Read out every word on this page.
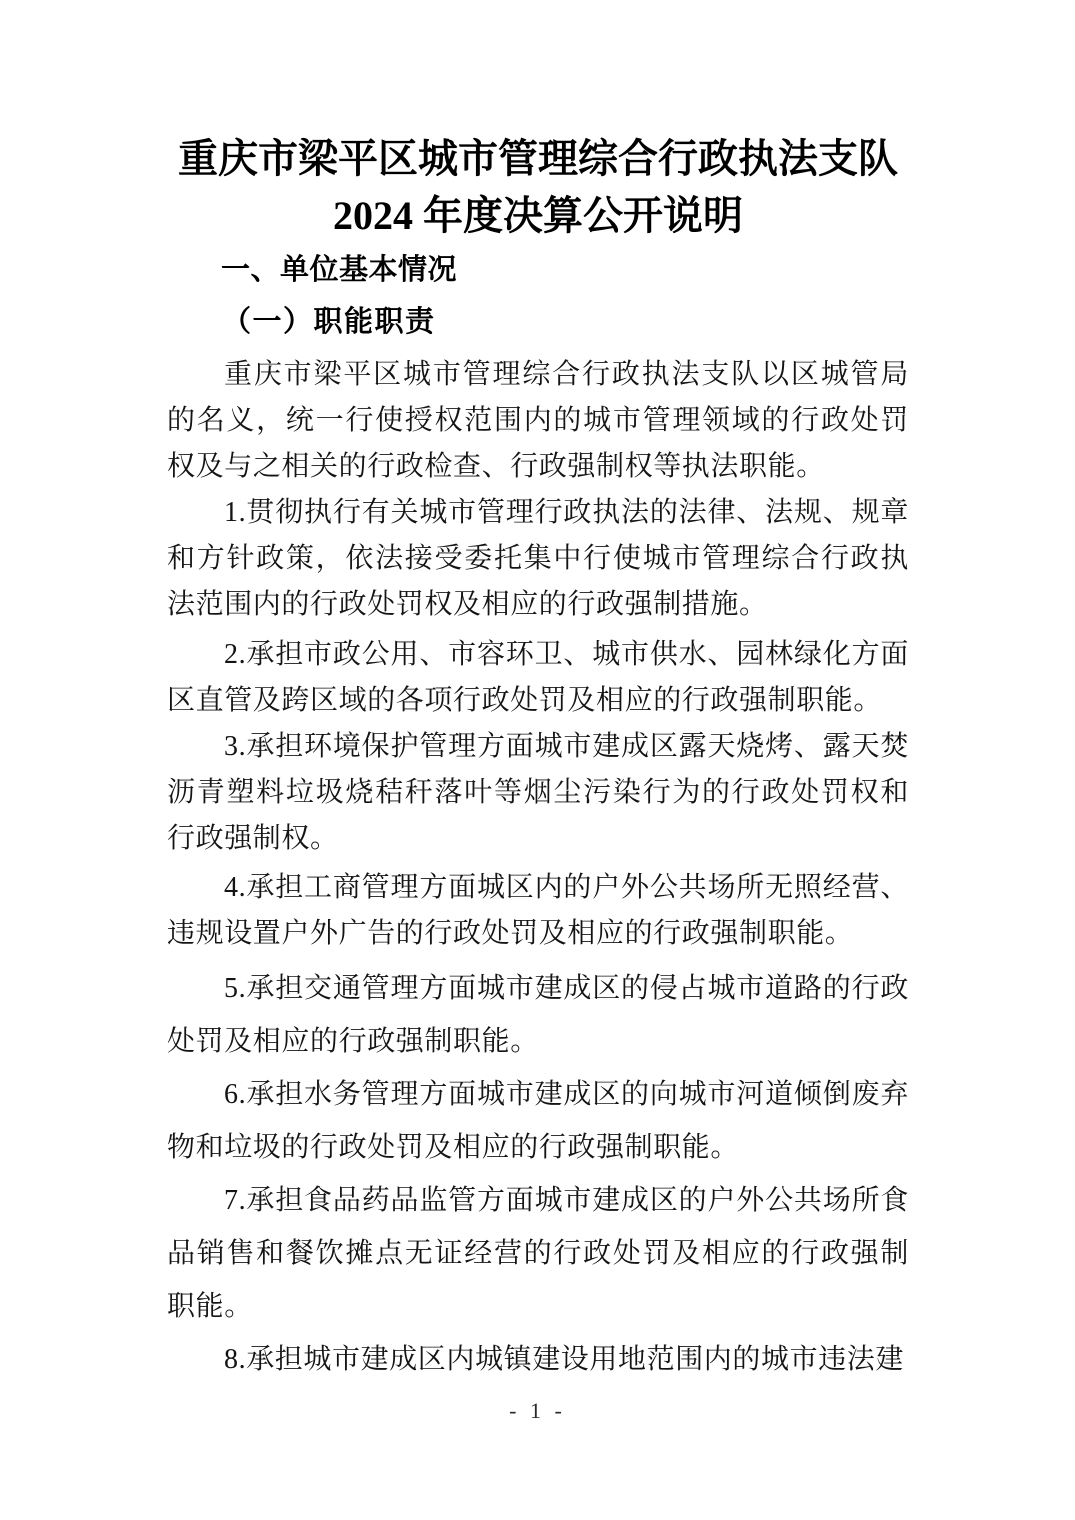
重庆市梁平区城市管理综合行政执法支队
2024 年度决算公开说明
一、单位基本情况
（一）职能职责

重庆市梁平区城市管理综合行政执法支队以区城管局的名义，统一行使授权范围内的城市管理领域的行政处罚权及与之相关的行政检查、行政强制权等执法职能。

1.贯彻执行有关城市管理行政执法的法律、法规、规章和方针政策，依法接受委托集中行使城市管理综合行政执法范围内的行政处罚权及相应的行政强制措施。

2.承担市政公用、市容环卫、城市供水、园林绿化方面区直管及跨区域的各项行政处罚及相应的行政强制职能。

3.承担环境保护管理方面城市建成区露天烧烤、露天焚沥青塑料垃圾烧秸秆落叶等烟尘污染行为的行政处罚权和行政强制权。

4.承担工商管理方面城区内的户外公共场所无照经营、违规设置户外广告的行政处罚及相应的行政强制职能。

5.承担交通管理方面城市建成区的侵占城市道路的行政处罚及相应的行政强制职能。

6.承担水务管理方面城市建成区的向城市河道倾倒废弃物和垃圾的行政处罚及相应的行政强制职能。

7.承担食品药品监管方面城市建成区的户外公共场所食品销售和餐饮摊点无证经营的行政处罚及相应的行政强制职能。

8.承担城市建成区内城镇建设用地范围内的城市违法建

- 1 -
